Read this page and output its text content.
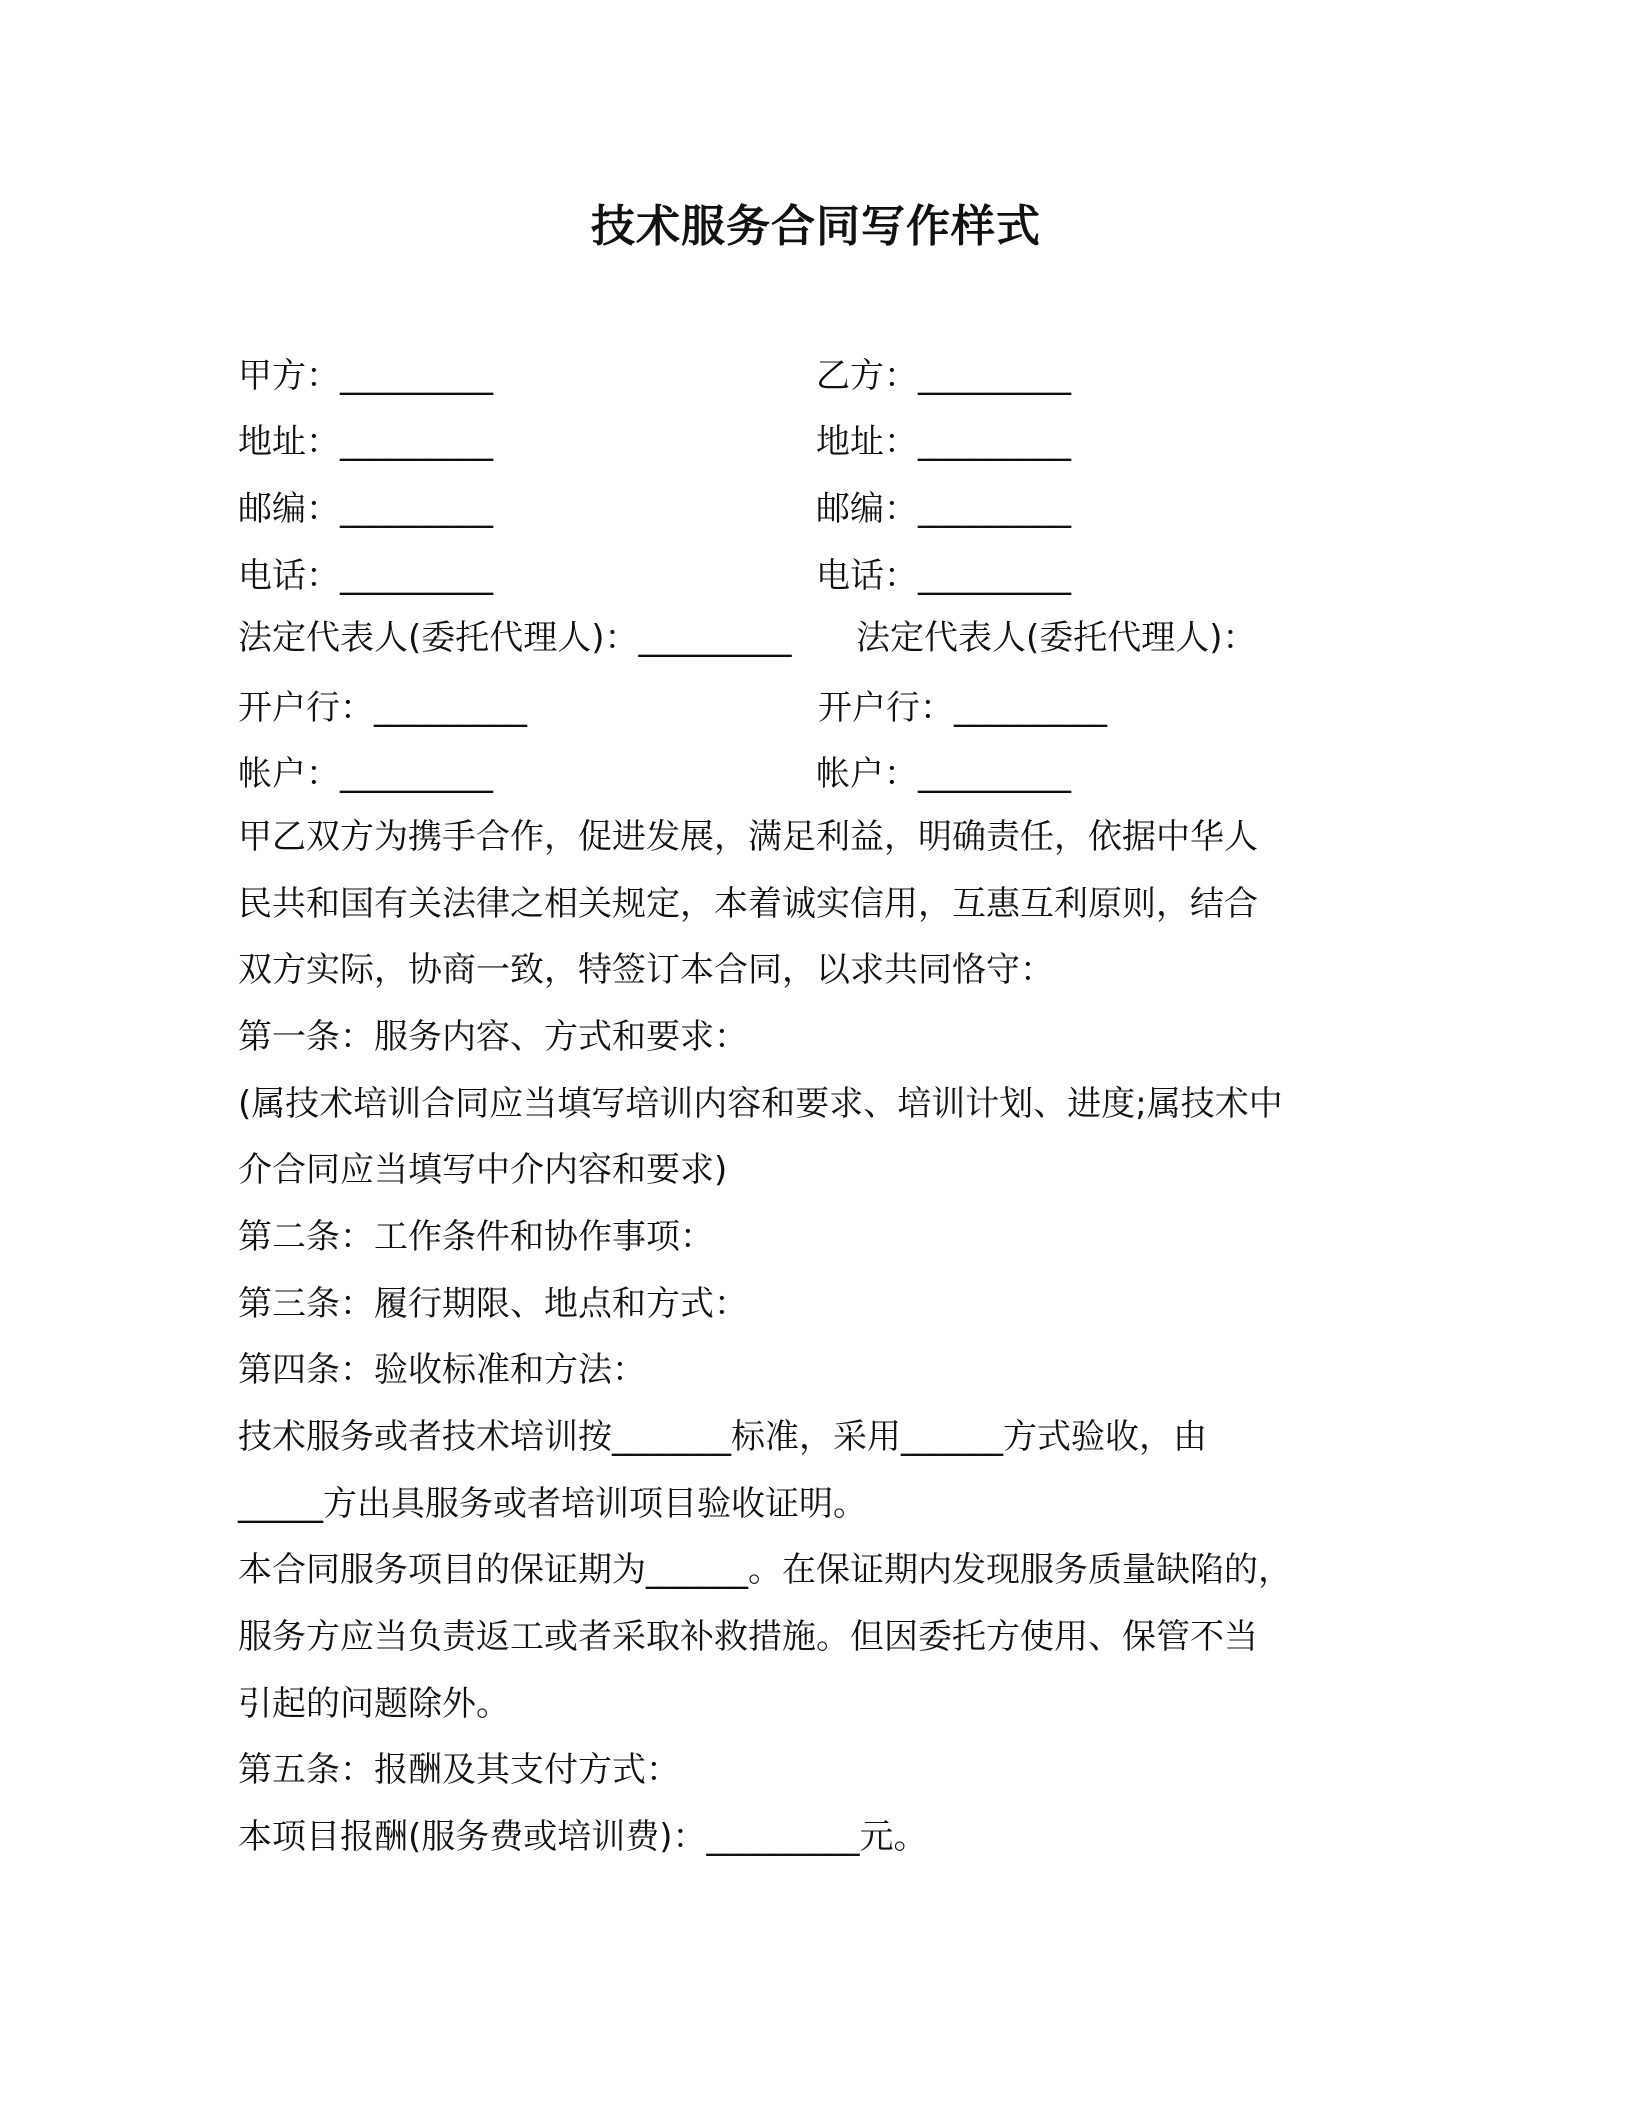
技术服务合同写作样式
甲方：_________
地址：_________
邮编：_________
电话：_________
法定代表人(委托代理人)：_________
开户行：_________
帐户：_________
乙方：_________
地址：_________
邮编：_________
电话：_________
法定代表人(委托代理人)：
开户行：_________
帐户：_________
甲乙双方为携手合作，促进发展，满足利益，明确责任，依据中华人
民共和国有关法律之相关规定，本着诚实信用，互惠互利原则，结合
双方实际，协商一致，特签订本合同，以求共同恪守：
第一条：服务内容、方式和要求：
(属技术培训合同应当填写培训内容和要求、培训计划、进度;属技术中
介合同应当填写中介内容和要求)
第二条：工作条件和协作事项：
第三条：履行期限、地点和方式：
第四条：验收标准和方法：
技术服务或者技术培训按_______标准，采用______方式验收，由
_____方出具服务或者培训项目验收证明。
本合同服务项目的保证期为______。在保证期内发现服务质量缺陷的，
服务方应当负责返工或者采取补救措施。但因委托方使用、保管不当
引起的问题除外。
第五条：报酬及其支付方式：
本项目报酬(服务费或培训费)：_________元。
